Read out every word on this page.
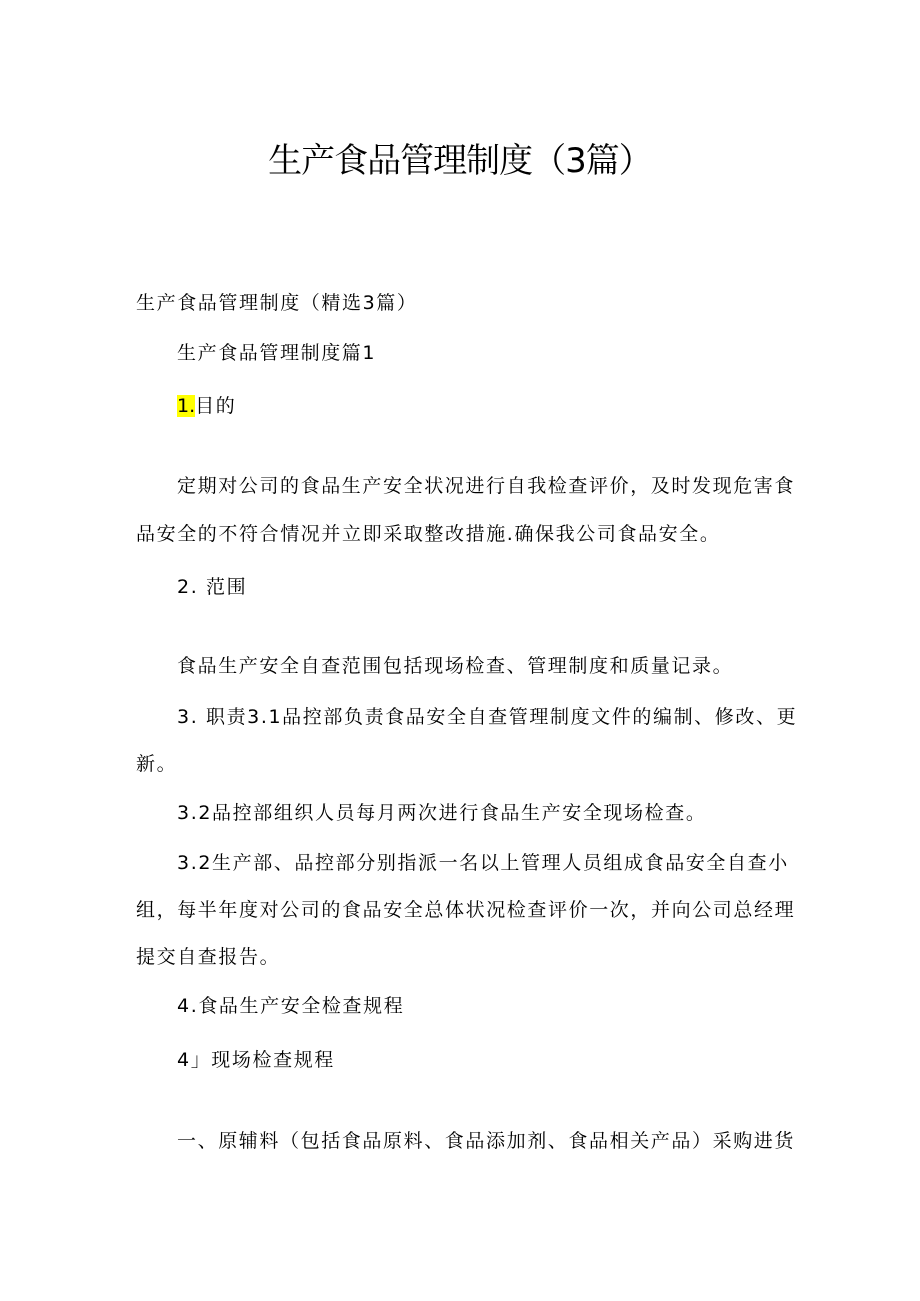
生产食品管理制度（3篇）

生产食品管理制度（精选3篇）

生产食品管理制度篇1

1.目的

定期对公司的食品生产安全状况进行自我检查评价，及时发现危害食

品安全的不符合情况并立即采取整改措施.确保我公司食品安全。

2. 范围

食品生产安全自查范围包括现场检查、管理制度和质量记录。

3. 职责3.1品控部负责食品安全自查管理制度文件的编制、修改、更

新。

3.2品控部组织人员每月两次进行食品生产安全现场检查。

3.2生产部、品控部分别指派一名以上管理人员组成食品安全自查小

组，每半年度对公司的食品安全总体状况检查评价一次，并向公司总经理

提交自查报告。

4.食品生产安全检查规程

4」现场检查规程

一、原辅料（包括食品原料、食品添加剂、食品相关产品）采购进货
